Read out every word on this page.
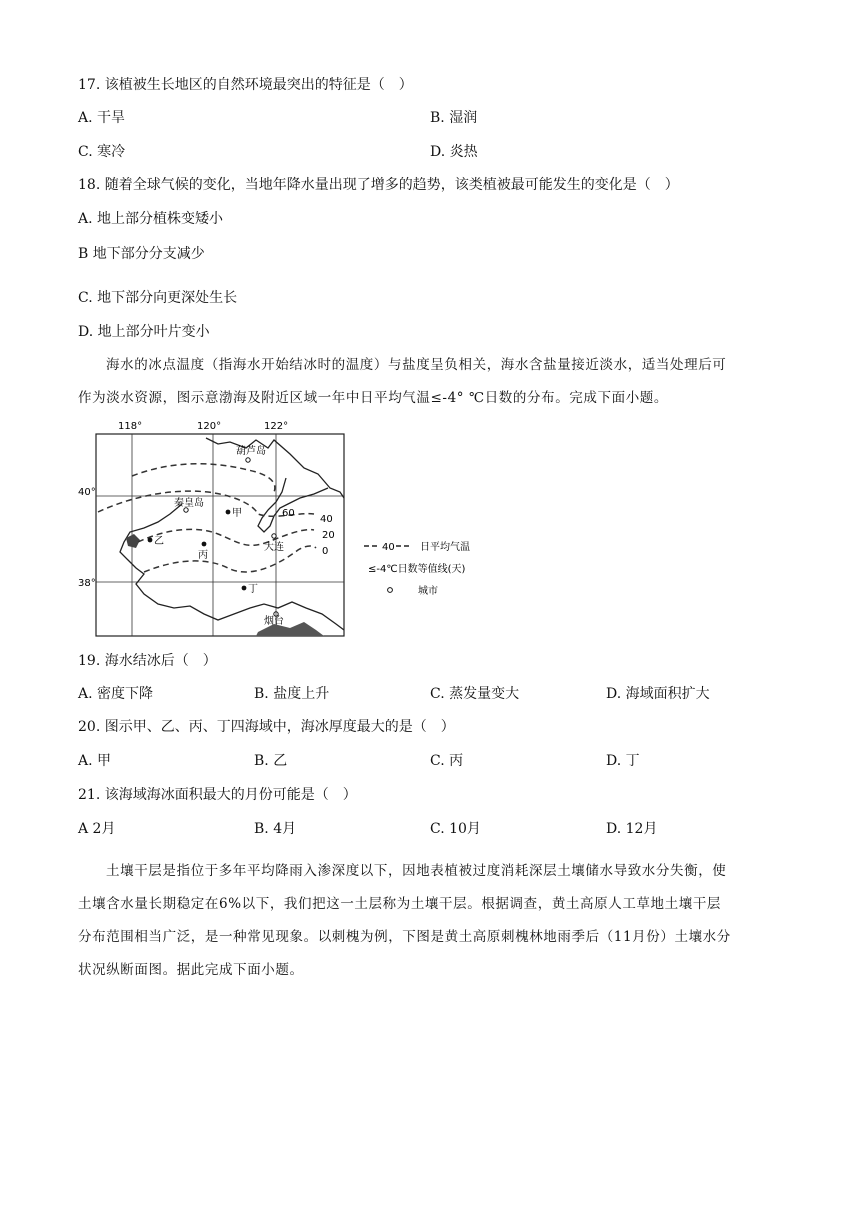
17. 该植被生长地区的自然环境最突出的特征是（　）
A. 干旱	B. 湿润
C. 寒冷	D. 炎热
18. 随着全球气候的变化，当地年降水量出现了增多的趋势，该类植被最可能发生的变化是（　）
A. 地上部分植株变矮小
B 地下部分分支减少
C. 地下部分向更深处生长
D. 地上部分叶片变小
海水的冰点温度（指海水开始结冰时的温度）与盐度呈负相关，海水含盐量接近淡水，适当处理后可
作为淡水资源，图示意渤海及附近区域一年中日平均气温≤-4° ℃日数的分布。完成下面小题。
118°	120°	122°
40°
38°
60
40
20
0
葫芦岛
秦皇岛
大连
烟台
甲
乙
丙
丁
40	日平均气温
≤-4℃日数等值线(天)
城市
19. 海水结冰后（　）
A. 密度下降	B. 盐度上升	C. 蒸发量变大	D. 海域面积扩大
20. 图示甲、乙、丙、丁四海域中，海冰厚度最大的是（　）
A. 甲	B. 乙	C. 丙	D. 丁
21. 该海域海冰面积最大的月份可能是（　）
A 2月	B. 4月	C. 10月	D. 12月
土壤干层是指位于多年平均降雨入渗深度以下，因地表植被过度消耗深层土壤储水导致水分失衡，使
土壤含水量长期稳定在6%以下，我们把这一土层称为土壤干层。根据调查，黄土高原人工草地土壤干层
分布范围相当广泛，是一种常见现象。以刺槐为例，下图是黄土高原刺槐林地雨季后（11月份）土壤水分
状况纵断面图。据此完成下面小题。
